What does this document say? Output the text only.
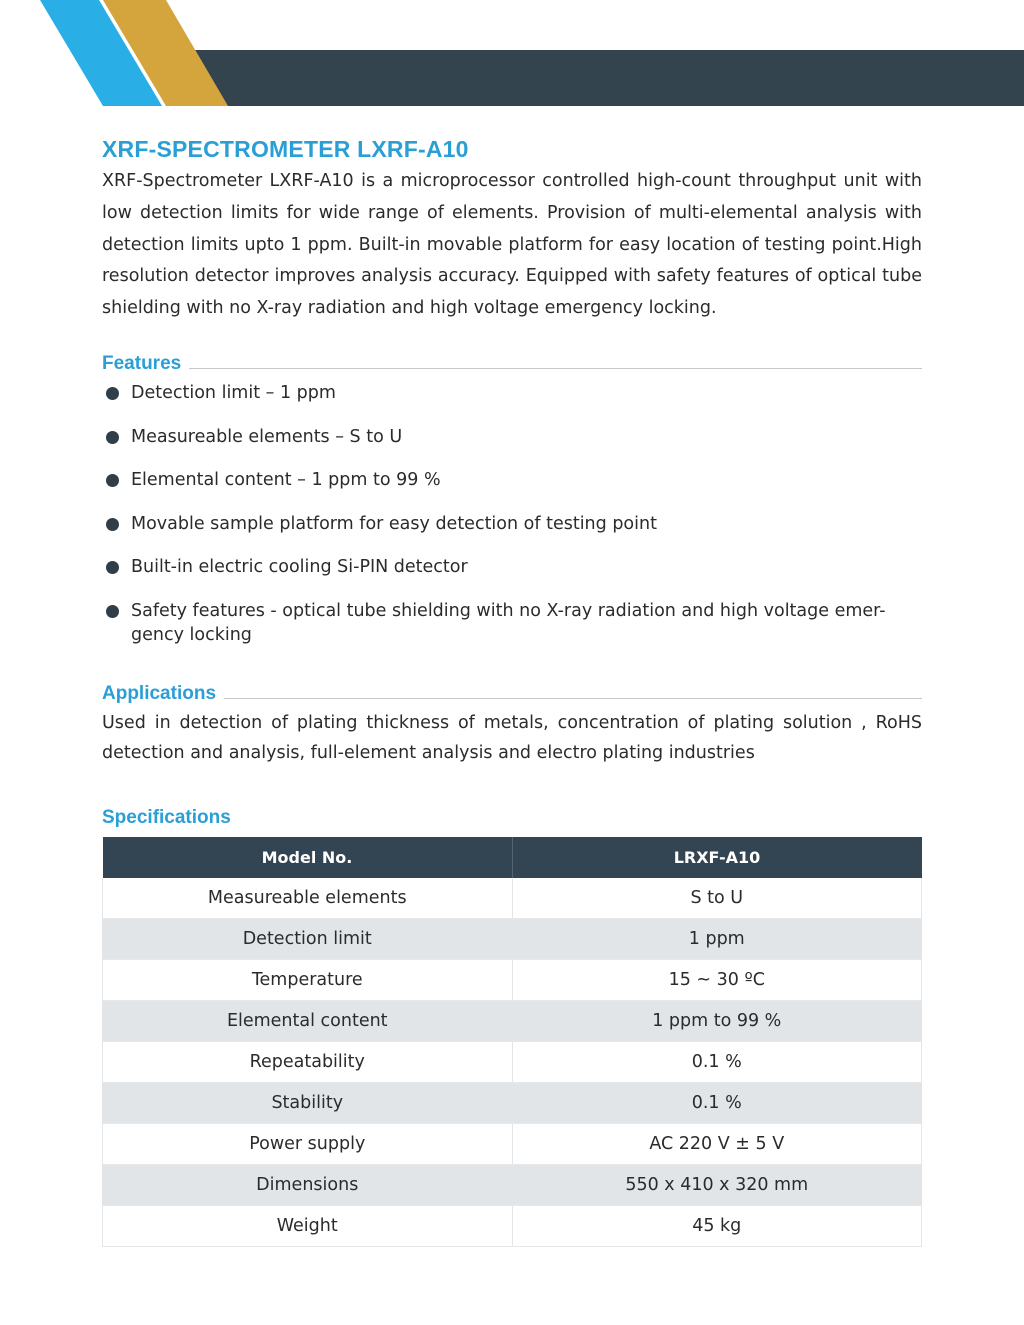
XRF-SPECTROMETER LXRF-A10
XRF-Spectrometer LXRF-A10 is a microprocessor controlled high-count throughput unit with low detection limits for wide range of elements. Provision of multi-elemental analysis with detection limits upto 1 ppm. Built-in movable platform for easy location of testing point.High resolution detector improves analysis accuracy. Equipped with safety features of optical tube shielding with no X-ray radiation and high voltage emergency locking.
Features
Detection limit – 1 ppm
Measureable elements – S to U
Elemental content – 1 ppm to 99 %
Movable sample platform for easy detection of testing point
Built-in electric cooling Si-PIN detector
Safety features - optical tube shielding with no X-ray radiation and high voltage emer- gency locking
Applications
Used in detection of plating thickness of metals, concentration of plating solution , RoHS detection and analysis, full-element analysis and electro plating industries
Specifications
Model No.	LRXF-A10
Measureable elements	S to U
Detection limit	1 ppm
Temperature	15 ~ 30 ºC
Elemental content	1 ppm to 99 %
Repeatability	0.1 %
Stability	0.1 %
Power supply	AC 220 V ± 5 V
Dimensions	550 x 410 x 320 mm
Weight	45 kg
